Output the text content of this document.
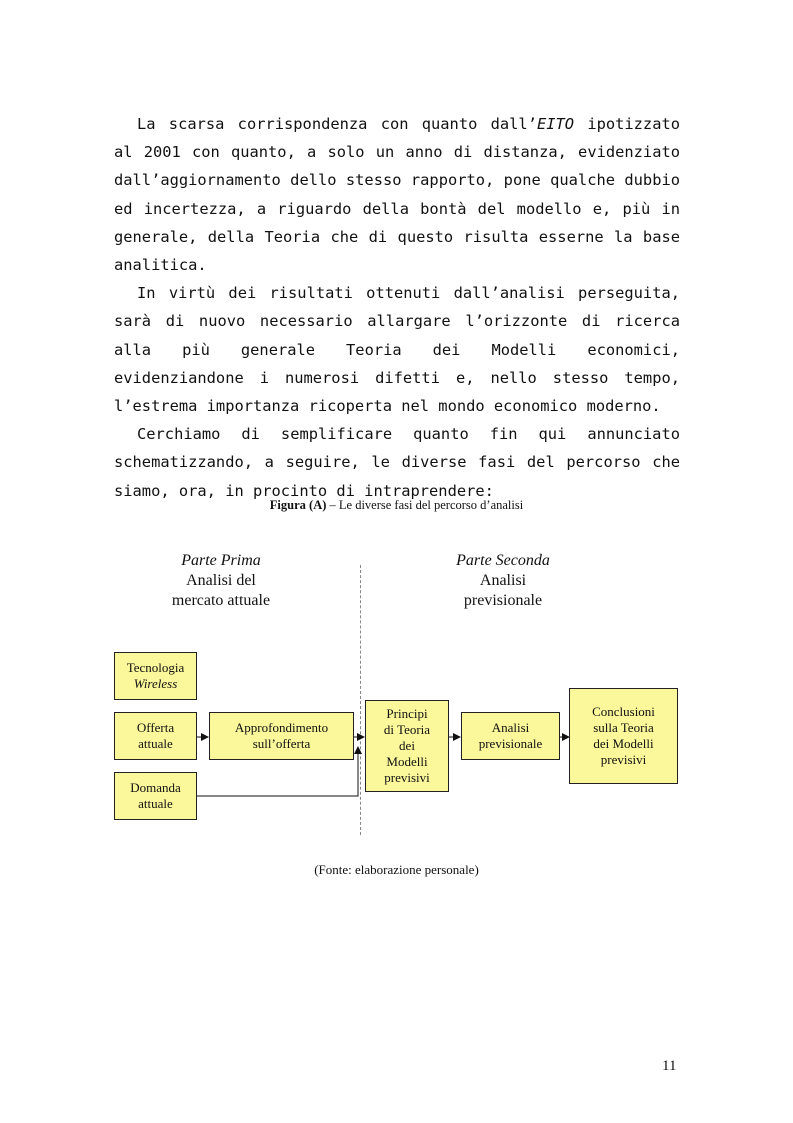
La scarsa corrispondenza con quanto dall’EITO ipotizzato al 2001 con quanto, a solo un anno di distanza, evidenziato dall’aggiornamento dello stesso rapporto, pone qualche dubbio ed incertezza, a riguardo della bontà del modello e, più in generale, della Teoria che di questo risulta esserne la base analitica.

In virtù dei risultati ottenuti dall’analisi perseguita, sarà di nuovo necessario allargare l’orizzonte di ricerca alla più generale Teoria dei Modelli economici, evidenziandone i numerosi difetti e, nello stesso tempo, l’estrema importanza ricoperta nel mondo economico moderno.

Cerchiamo di semplificare quanto fin qui annunciato schematizzando, a seguire, le diverse fasi del percorso che siamo, ora, in procinto di intraprendere:

Figura (A) – Le diverse fasi del percorso d’analisi
Parte Prima
Analisi del
mercato attuale
Parte Seconda
Analisi
previsionale
Tecnologia
Wireless
Offerta
attuale
Domanda
attuale
Approfondimento
sull’offerta
Principi
di Teoria
dei
Modelli
previsivi
Analisi
previsionale
Conclusioni
sulla Teoria
dei Modelli
previsivi
(Fonte: elaborazione personale)
11
